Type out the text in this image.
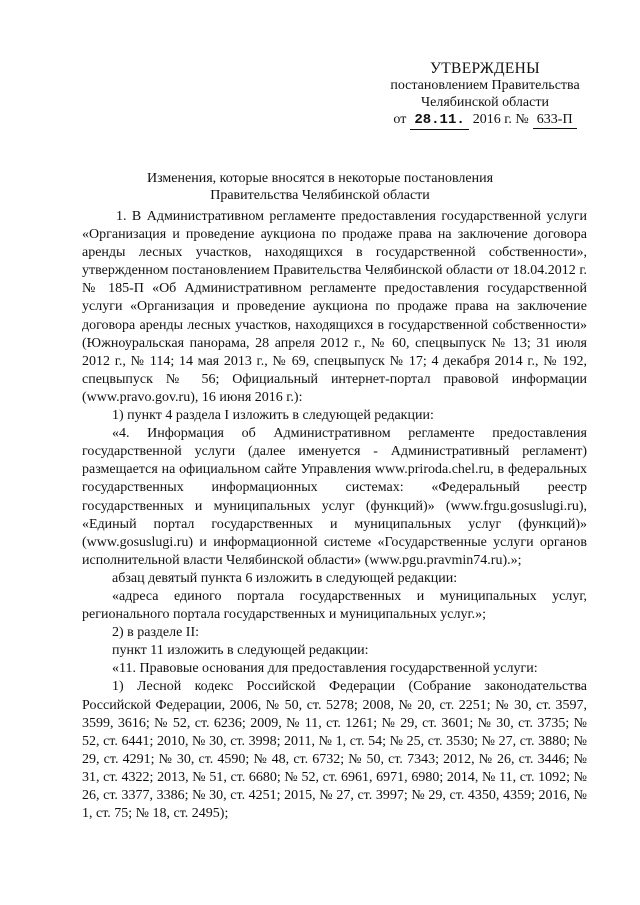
УТВЕРЖДЕНЫ
постановлением Правительства
Челябинской области
от 28.11. 2016 г. № 633-П
Изменения, которые вносятся в некоторые постановления
Правительства Челябинской области

1. В Административном регламенте предоставления государственной услуги «Организация и проведение аукциона по продаже права на заключение договора аренды лесных участков, находящихся в государственной собственности», утвержденном постановлением Правительства Челябинской области от 18.04.2012 г. № 185-П «Об Административном регламенте предоставления государственной услуги «Организация и проведение аукциона по продаже права на заключение договора аренды лесных участков, находящихся в государственной собственности» (Южноуральская панорама, 28 апреля 2012 г., № 60, спецвыпуск № 13; 31 июля 2012 г., № 114; 14 мая 2013 г., № 69, спецвыпуск № 17; 4 декабря 2014 г., № 192, спецвыпуск № 56; Официальный интернет-портал правовой информации (www.pravo.gov.ru), 16 июня 2016 г.):

1) пункт 4 раздела I изложить в следующей редакции:

«4. Информация об Административном регламенте предоставления государственной услуги (далее именуется - Административный регламент) размещается на официальном сайте Управления www.priroda.chel.ru, в федеральных государственных информационных системах: «Федеральный реестр государственных и муниципальных услуг (функций)» (www.frgu.gosuslugi.ru), «Единый портал государственных и муниципальных услуг (функций)» (www.gosuslugi.ru) и информационной системе «Государственные услуги органов исполнительной власти Челябинской области» (www.pgu.pravmin74.ru).»;

абзац девятый пункта 6 изложить в следующей редакции:

«адреса единого портала государственных и муниципальных услуг, регионального портала государственных и муниципальных услуг.»;

2) в разделе II:

пункт 11 изложить в следующей редакции:

«11. Правовые основания для предоставления государственной услуги:

1) Лесной кодекс Российской Федерации (Собрание законодательства Российской Федерации, 2006, № 50, ст. 5278; 2008, № 20, ст. 2251; № 30, ст. 3597, 3599, 3616; № 52, ст. 6236; 2009, № 11, ст. 1261; № 29, ст. 3601; № 30, ст. 3735; № 52, ст. 6441; 2010, № 30, ст. 3998; 2011, № 1, ст. 54; № 25, ст. 3530; № 27, ст. 3880; № 29, ст. 4291; № 30, ст. 4590; № 48, ст. 6732; № 50, ст. 7343; 2012, № 26, ст. 3446; № 31, ст. 4322; 2013, № 51, ст. 6680; № 52, ст. 6961, 6971, 6980; 2014, № 11, ст. 1092; № 26, ст. 3377, 3386; № 30, ст. 4251; 2015, № 27, ст. 3997; № 29, ст. 4350, 4359; 2016, № 1, ст. 75; № 18, ст. 2495);
